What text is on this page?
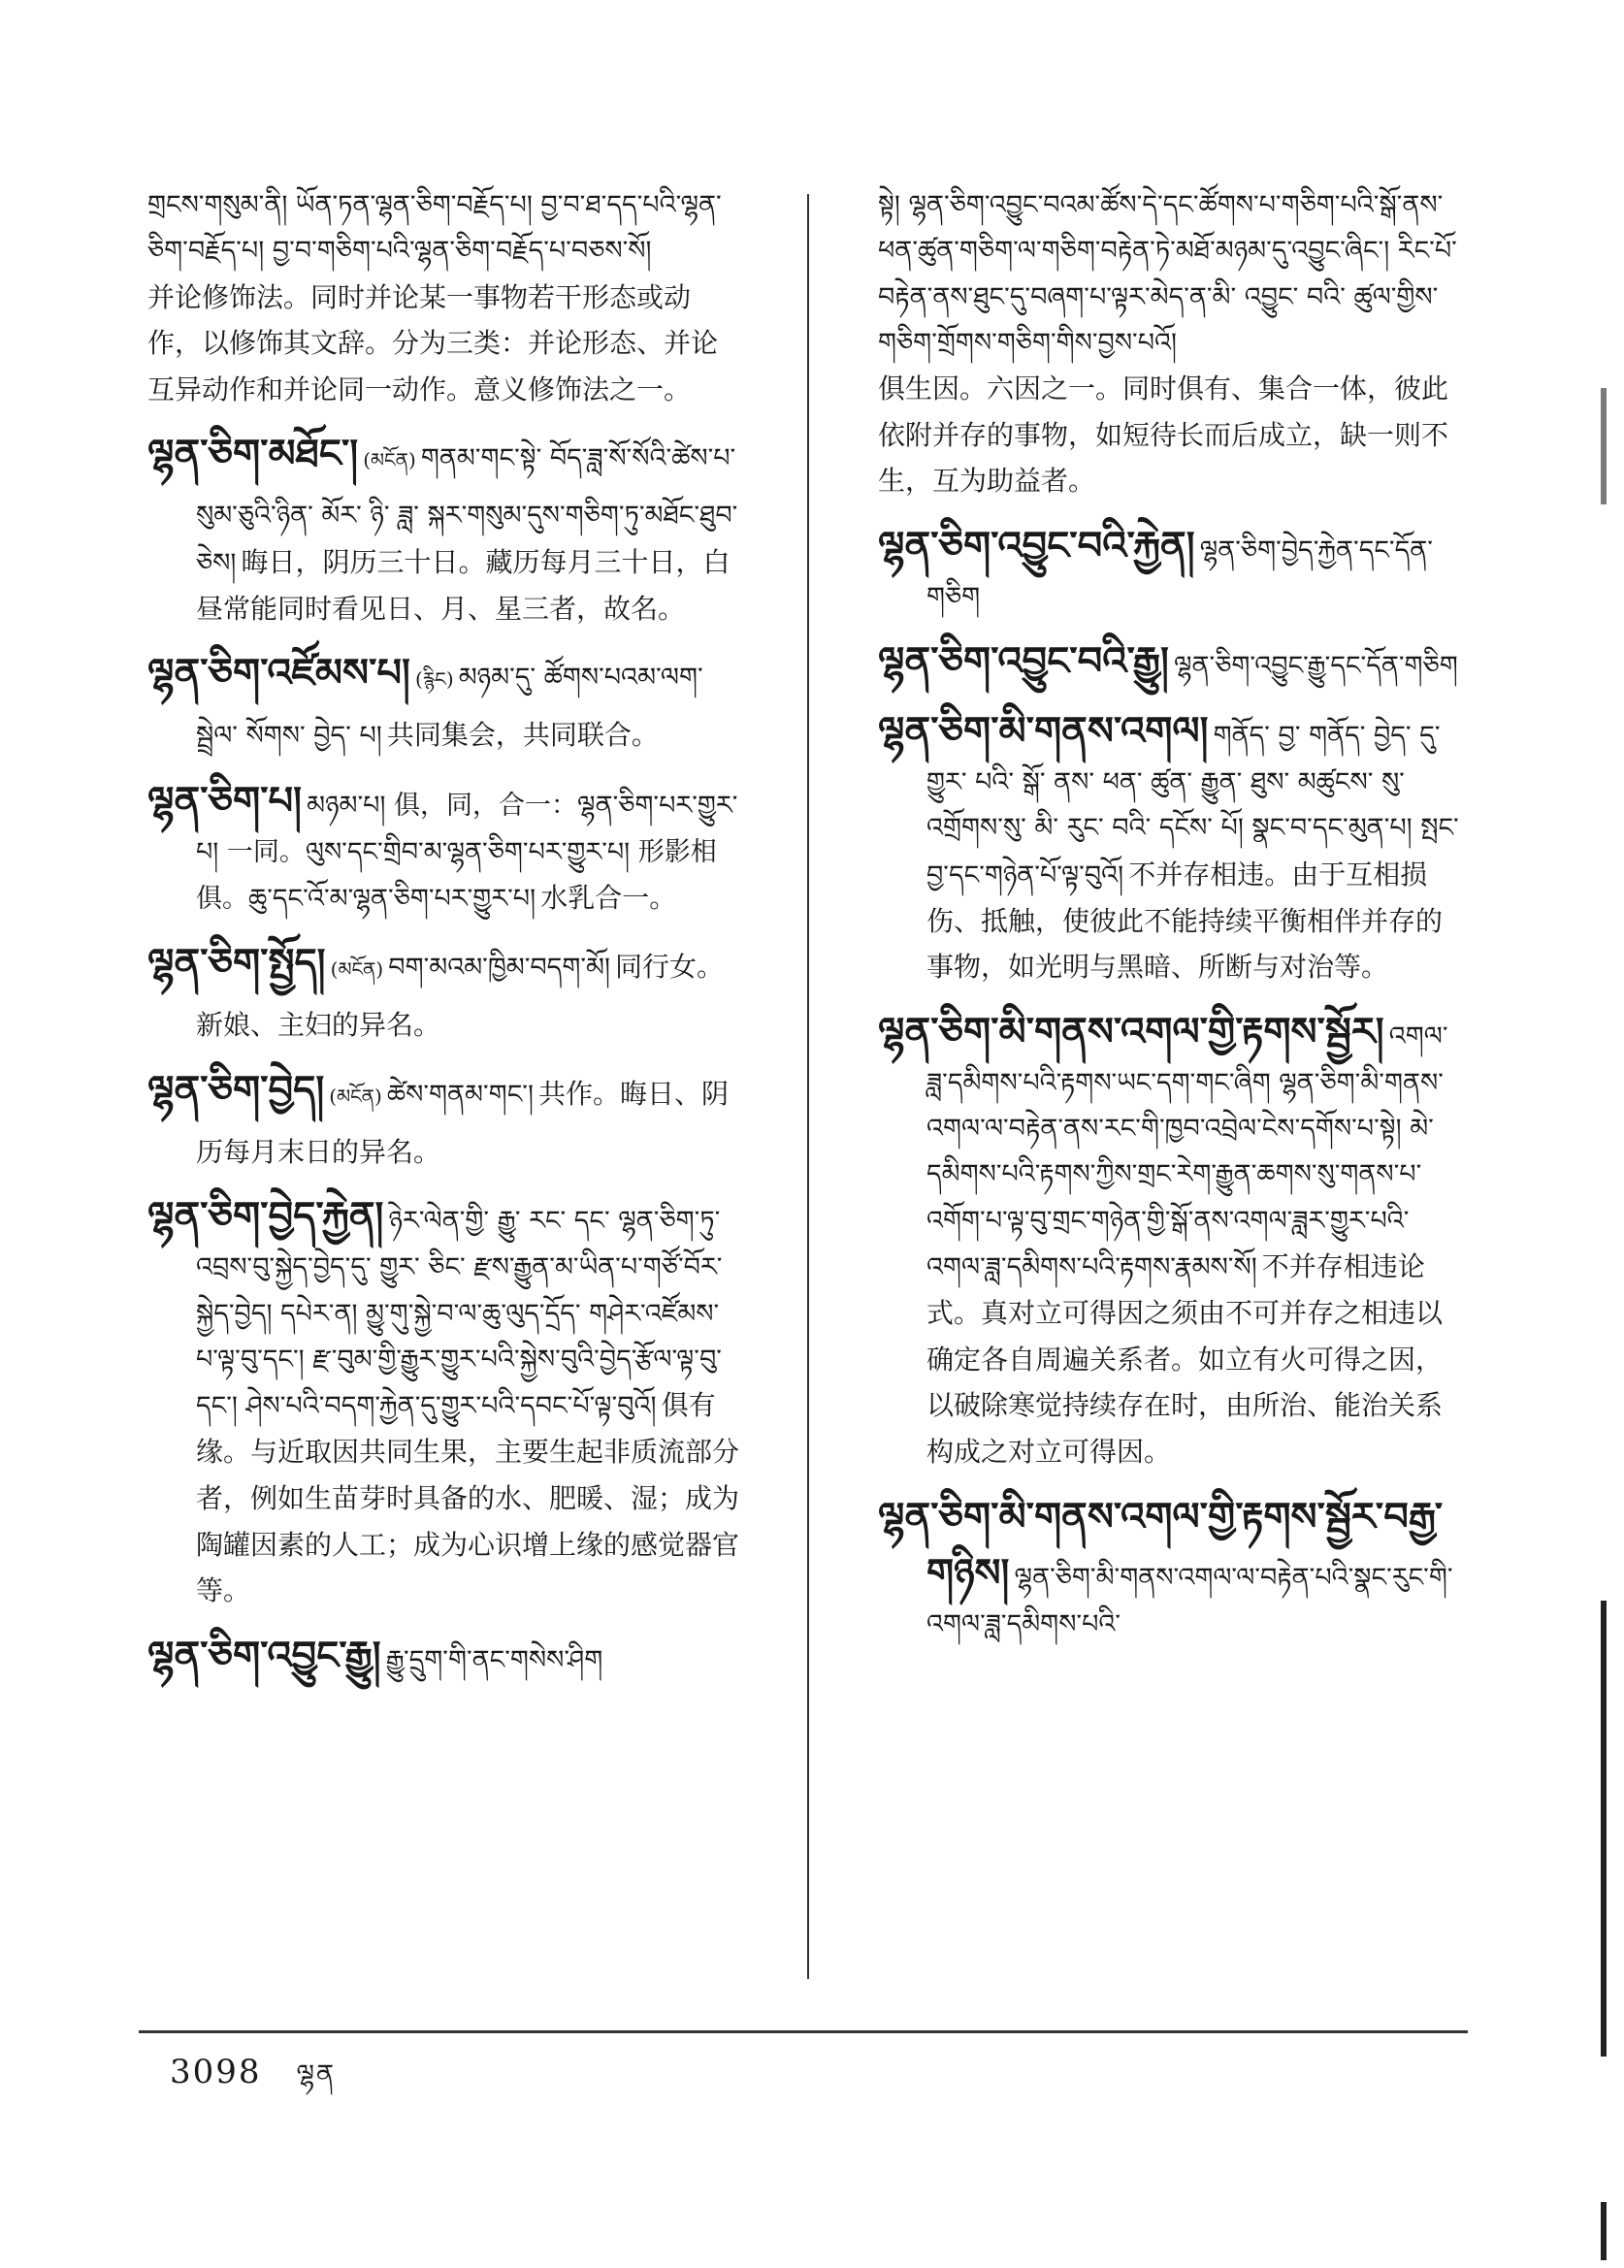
གྲངས་གསུམ་ནི། ཡོན་ཏན་ལྷན་ཅིག་བརྗོད་པ། བྱ་བ་ཐ་དད་པའི་ལྷན་ཅིག་བརྗོད་པ། བྱ་བ་གཅིག་པའི་ལྷན་ཅིག་བརྗོད་པ་བཅས་སོ།

并论修饰法。同时并论某一事物若干形态或动作，以修饰其文辞。分为三类：并论形态、并论互异动作和并论同一动作。意义修饰法之一。

ལྷན་ཅིག་མཐོང་། (མངོན) གནམ་གང་སྟེ་ བོད་ཟླ་སོ་སོའི་ཚེས་པ་སུམ་ཅུའི་ཉིན་ མོར་ ཉི་ ཟླ་ སྐར་གསུམ་དུས་གཅིག་ཏུ་མཐོང་ཐུབ་ཅེས། 晦日，阴历三十日。藏历每月三十日，白昼常能同时看见日、月、星三者，故名。

ལྷན་ཅིག་འཛོམས་པ། (རྙིང) མཉམ་དུ་ ཚོགས་པའམ་ལག་སྦྲེལ་ སོགས་ བྱེད་ པ། 共同集会，共同联合。

ལྷན་ཅིག་པ། མཉམ་པ། 俱，同，合一：ལྷན་ཅིག་པར་གྱུར་པ། 一同。ལུས་དང་གྲིབ་མ་ལྷན་ཅིག་པར་གྱུར་པ། 形影相俱。ཆུ་དང་འོ་མ་ལྷན་ཅིག་པར་གྱུར་པ། 水乳合一。

ལྷན་ཅིག་སྤྱོད། (མངོན) བག་མའམ་ཁྱིམ་བདག་མོ། 同行女。新娘、主妇的异名。

ལྷན་ཅིག་བྱེད། (མངོན) ཚེས་གནམ་གང་། 共作。晦日、阴历每月末日的异名。

ལྷན་ཅིག་བྱེད་རྐྱེན། ཉེར་ལེན་གྱི་ རྒྱུ་ རང་ དང་ ལྷན་ཅིག་ཏུ་འབྲས་བུ་སྐྱེད་བྱེད་དུ་ གྱུར་ ཅིང་ རྫས་རྒྱུན་མ་ཡིན་པ་གཙོ་བོར་སྐྱེད་བྱེད། དཔེར་ན། མྱུ་གུ་སྐྱེ་བ་ལ་ཆུ་ལུད་དྲོད་ གཤེར་འཛོམས་ པ་ལྟ་བུ་དང་། རྫ་བུམ་གྱི་རྒྱུར་གྱུར་པའི་སྐྱེས་བུའི་བྱེད་རྩོལ་ལྟ་བུ་དང་། ཤེས་པའི་བདག་རྐྱེན་དུ་གྱུར་པའི་དབང་པོ་ལྟ་བུའོ། 俱有缘。与近取因共同生果，主要生起非质流部分者，例如生苗芽时具备的水、肥暖、湿；成为陶罐因素的人工；成为心识增上缘的感觉器官等。

ལྷན་ཅིག་འབྱུང་རྒྱུ། རྒྱུ་དྲུག་གི་ནང་གསེས་ཤིག

སྟེ། ལྷན་ཅིག་འབྱུང་བའམ་ཚོས་དེ་དང་ཚོགས་པ་གཅིག་པའི་སྒོ་ནས་ཕན་ཚུན་གཅིག་ལ་གཅིག་བརྟེན་ཏེ་མཐོ་མཉམ་དུ་འབྱུང་ཞིང་། རིང་པོ་བརྟེན་ནས་ཐུང་དུ་བཞག་པ་ལྟར་མེད་ན་མི་ འབྱུང་ བའི་ ཚུལ་གྱིས་གཅིག་གྲོགས་གཅིག་གིས་བྱས་པའོ།

俱生因。六因之一。同时俱有、集合一体，彼此依附并存的事物，如短待长而后成立，缺一则不生，互为助益者。

ལྷན་ཅིག་འབྱུང་བའི་རྐྱེན། ལྷན་ཅིག་བྱེད་རྐྱེན་དང་དོན་གཅིག

ལྷན་ཅིག་འབྱུང་བའི་རྒྱུ། ལྷན་ཅིག་འབྱུང་རྒྱུ་དང་དོན་གཅིག

ལྷན་ཅིག་མི་གནས་འགལ། གནོད་ བྱ་ གནོད་ བྱེད་ དུ་ གྱུར་ པའི་ སྒོ་ ནས་ ཕན་ ཚུན་ རྒྱུན་ ཐུས་ མཚུངས་ སུ་ འགྲོགས་སུ་ མི་ རུང་ བའི་ དངོས་ པོ། སྣང་བ་དང་མུན་པ། སྤང་བྱ་དང་གཉེན་པོ་ལྟ་བུའོ། 不并存相违。由于互相损伤、抵触，使彼此不能持续平衡相伴并存的事物，如光明与黑暗、所断与对治等。

ལྷན་ཅིག་མི་གནས་འགལ་གྱི་རྟགས་སྦྱོར། འགལ་ཟླ་དམིགས་པའི་རྟགས་ཡང་དག་གང་ཞིག ལྷན་ཅིག་མི་གནས་འགལ་ལ་བརྟེན་ནས་རང་གི་ཁྱབ་འབྲེལ་ངེས་དགོས་པ་སྟེ། མེ་དམིགས་པའི་རྟགས་ཀྱིས་གྲང་རེག་རྒྱུན་ཆགས་སུ་གནས་པ་འགོག་པ་ལྟ་བུ་གྲང་གཉེན་གྱི་སྒོ་ནས་འགལ་ཟླར་གྱུར་པའི་འགལ་ཟླ་དམིགས་པའི་རྟགས་རྣམས་སོ། 不并存相违论式。真对立可得因之须由不可并存之相违以确定各自周遍关系者。如立有火可得之因，以破除寒觉持续存在时，由所治、能治关系构成之对立可得因。

ལྷན་ཅིག་མི་གནས་འགལ་གྱི་རྟགས་སྦྱོར་བརྒྱ་གཉིས། ལྷན་ཅིག་མི་གནས་འགལ་ལ་བརྟེན་པའི་སྣང་རུང་གི་འགལ་ཟླ་དམིགས་པའི་

3098 ལྷན
